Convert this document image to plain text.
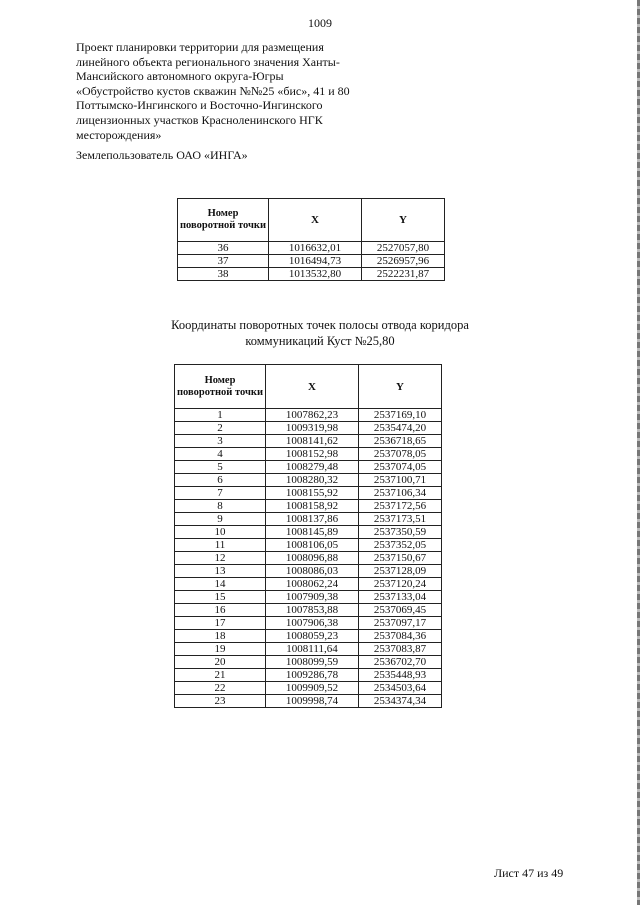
1009
Проект планировки территории для размещения
линейного объекта регионального значения Ханты-
Мансийского автономного округа-Югры
«Обустройство кустов скважин №№25 «бис», 41 и 80
Поттымско-Ингинского и Восточно-Ингинского
лицензионных участков Красноленинского НГК
месторождения»
Землепользователь ОАО «ИНГА»
Номер поворотной точки	X	Y
36	1016632,01	2527057,80
37	1016494,73	2526957,96
38	1013532,80	2522231,87
Координаты поворотных точек полосы отвода коридора
коммуникаций Куст №25,80
Номер поворотной точки	X	Y
1	1007862,23	2537169,10
2	1009319,98	2535474,20
3	1008141,62	2536718,65
4	1008152,98	2537078,05
5	1008279,48	2537074,05
6	1008280,32	2537100,71
7	1008155,92	2537106,34
8	1008158,92	2537172,56
9	1008137,86	2537173,51
10	1008145,89	2537350,59
11	1008106,05	2537352,05
12	1008096,88	2537150,67
13	1008086,03	2537128,09
14	1008062,24	2537120,24
15	1007909,38	2537133,04
16	1007853,88	2537069,45
17	1007906,38	2537097,17
18	1008059,23	2537084,36
19	1008111,64	2537083,87
20	1008099,59	2536702,70
21	1009286,78	2535448,93
22	1009909,52	2534503,64
23	1009998,74	2534374,34
Лист 47 из 49
